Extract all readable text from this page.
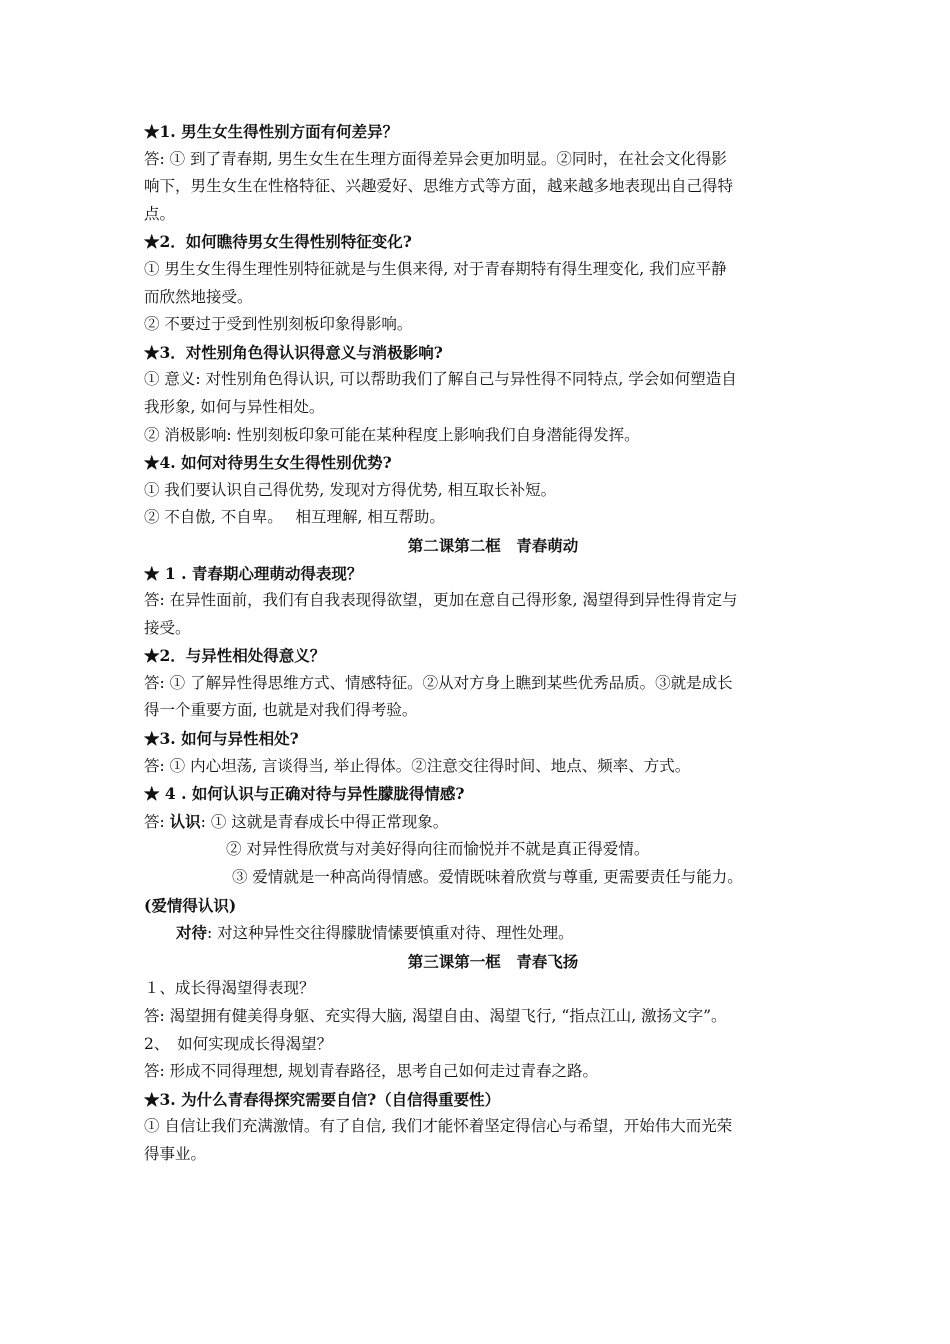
★1. 男生女生得性别方面有何差异？
答: ① 到了青春期, 男生女生在生理方面得差异会更加明显。②同时，在社会文化得影
响下，男生女生在性格特征、兴趣爱好、思维方式等方面，越来越多地表现出自己得特
点。
★2．如何瞧待男女生得性别特征变化?
① 男生女生得生理性别特征就是与生俱来得, 对于青春期特有得生理变化, 我们应平静
而欣然地接受。
② 不要过于受到性别刻板印象得影响。
★3．对性别角色得认识得意义与消极影响?
① 意义: 对性别角色得认识, 可以帮助我们了解自己与异性得不同特点, 学会如何塑造自
我形象, 如何与异性相处。
② 消极影响: 性别刻板印象可能在某种程度上影响我们自身潜能得发挥。
★4. 如何对待男生女生得性别优势?
① 我们要认识自己得优势, 发现对方得优势, 相互取长补短。
② 不自傲, 不自卑。　 相互理解, 相互帮助。
第二课第二框　青春萌动
★ 1 . 青春期心理萌动得表现？
答: 在异性面前，我们有自我表现得欲望，更加在意自己得形象, 渴望得到异性得肯定与
接受。
★2．与异性相处得意义？
答: ① 了解异性得思维方式、情感特征。②从对方身上瞧到某些优秀品质。③就是成长
得一个重要方面, 也就是对我们得考验。
★3. 如何与异性相处?
答: ① 内心坦荡, 言谈得当, 举止得体。②注意交往得时间、地点、频率、方式。
★ 4 . 如何认识与正确对待与异性朦胧得情感?
答: 认识: ① 这就是青春成长中得正常现象。
② 对异性得欣赏与对美好得向往而愉悦并不就是真正得爱情。
③ 爱情就是一种高尚得情感。爱情既味着欣赏与尊重, 更需要责任与能力。
(爱情得认识)
对待: 对这种异性交往得朦胧情愫要慎重对待、理性处理。
第三课第一框　青春飞扬
１、成长得渴望得表现？
答: 渴望拥有健美得身躯、充实得大脑, 渴望自由、渴望飞行, “指点江山, 激扬文字”。
2、　如何实现成长得渴望？
答: 形成不同得理想, 规划青春路径，思考自己如何走过青春之路。
★3. 为什么青春得探究需要自信?（自信得重要性）
① 自信让我们充满激情。有了自信, 我们才能怀着坚定得信心与希望，开始伟大而光荣
得事业。
